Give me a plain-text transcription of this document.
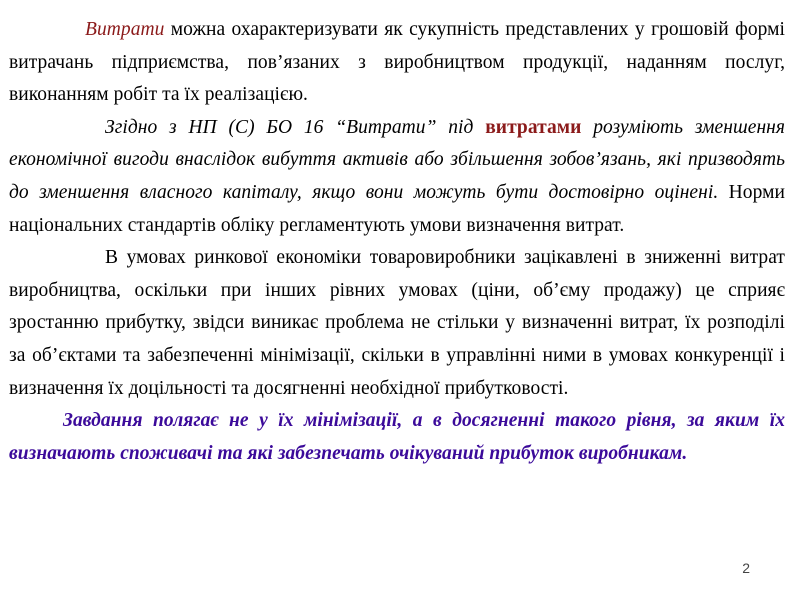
Витрати можна охарактеризувати як сукупність представлених у грошовій формі витрачань підприємства, пов’язаних з виробництвом продукції, наданням послуг, виконанням робіт та їх реалізацією.

Згідно з НП (С) БО 16 “Витрати” під витратами розуміють зменшення економічної вигоди внаслідок вибуття активів або збільшення зобов’язань, які призводять до зменшення власного капіталу, якщо вони можуть бути достовірно оцінені. Норми національних стандартів обліку регламентують умови визначення витрат.

В умовах ринкової економіки товаровиробники зацікавлені в зниженні витрат виробництва, оскільки при інших рівних умовах (ціни, об’єму продажу) це сприяє зростанню прибутку, звідси виникає проблема не стільки у визначенні витрат, їх розподілі за об’єктами та забезпеченні мінімізації, скільки в управлінні ними в умовах конкуренції і визначення їх доцільності та досягненні необхідної прибутковості.

Завдання полягає не у їх мінімізації, а в досягненні такого рівня, за яким їх визначають споживачі та які забезпечать очікуваний прибуток виробникам.

2
